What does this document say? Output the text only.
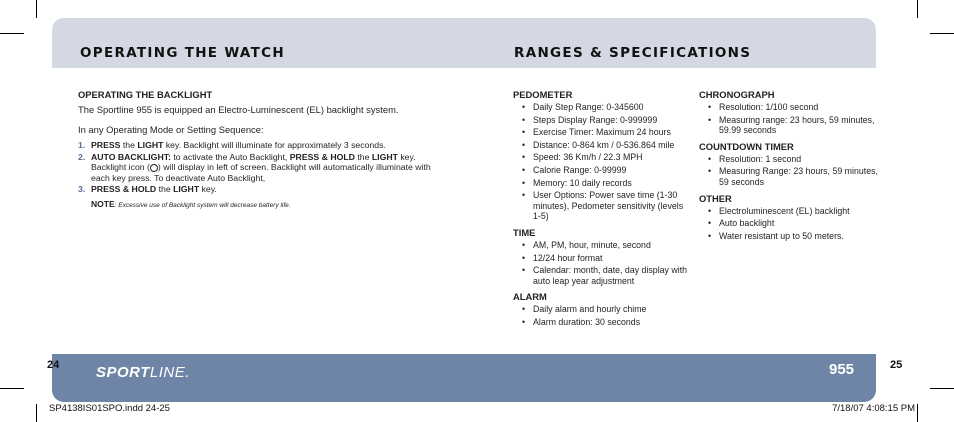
OPERATING THE WATCH	RANGES & SPECIFICATIONS
OPERATING THE BACKLIGHT

The Sportline 955 is equipped an Electro-Luminescent (EL) backlight system.

In any Operating Mode or Setting Sequence:

1. PRESS the LIGHT key. Backlight will illuminate for approximately 3 seconds.
2. AUTO BACKLIGHT: to activate the Auto Backlight, PRESS & HOLD the LIGHT key. Backlight icon ( ) will display in left of screen. Backlight will automatically illuminate with each key press. To deactivate Auto Backlight,
3. PRESS & HOLD the LIGHT key.
NOTE: Excessive use of Backlight system will decrease battery life.
PEDOMETER
• Daily Step Range: 0-345600
• Steps Display Range: 0-999999
• Exercise Timer: Maximum 24 hours
• Distance: 0-864 km / 0-536.864 mile
• Speed: 36 Km/h / 22.3 MPH
• Calorie Range: 0-99999
• Memory: 10 daily records
• User Options: Power save time (1-30 minutes), Pedometer sensitivity (levels 1-5)
TIME
• AM, PM, hour, minute, second
• 12/24 hour format
• Calendar: month, date, day display with auto leap year adjustment
ALARM
• Daily alarm and hourly chime
• Alarm duration: 30 seconds
CHRONOGRAPH
• Resolution: 1/100 second
• Measuring range: 23 hours, 59 minutes, 59.99 seconds
COUNTDOWN TIMER
• Resolution: 1 second
• Measuring Range: 23 hours, 59 minutes, 59 seconds
OTHER
• Electroluminescent (EL) backlight
• Auto backlight
• Water resistant up to 50 meters.
24	25
SPORTLINE.	955
SP4138IS01SPO.indd 24-25	7/18/07 4:08:15 PM
